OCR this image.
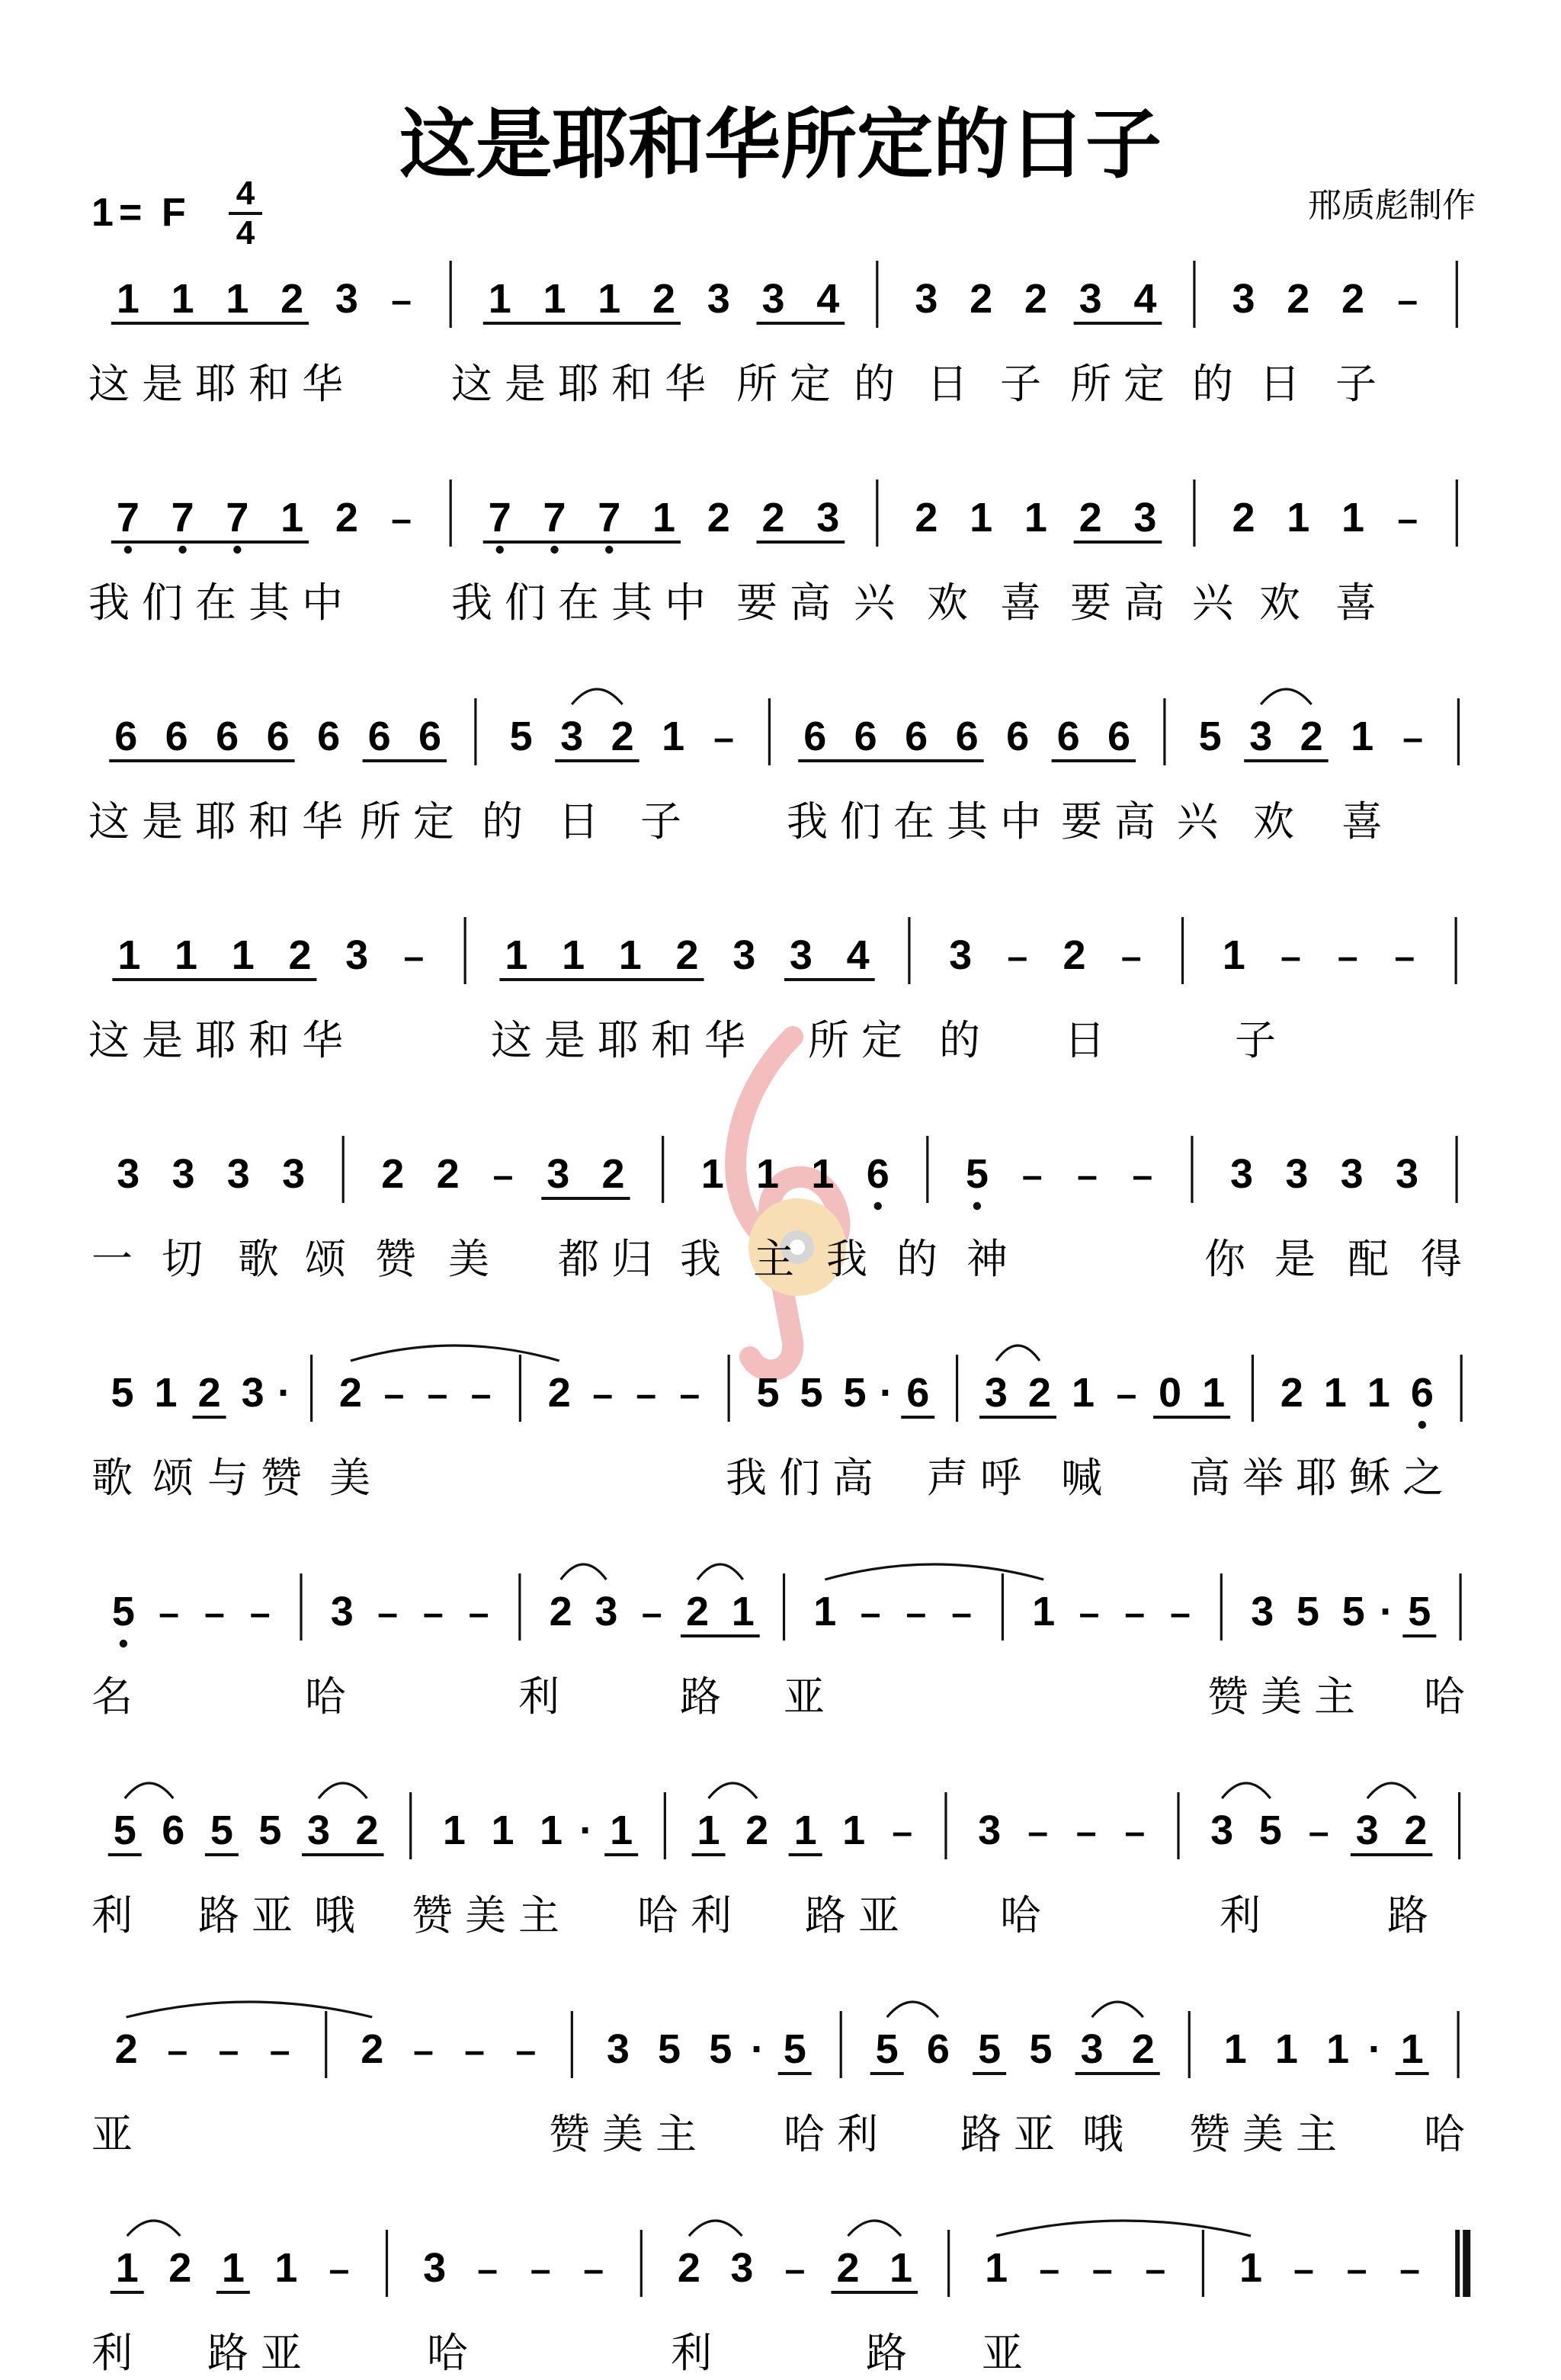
这是耶和华所定的日子
1 = F	4
4
邢质彪制作
1 1 1 2 3 –	1 1 1 2 3 3 4	3 2 2 3 4	3 2 2 –
这是耶和华	这是耶和华 所定 的 日 子 所定 的 日 子
7 7 7 1 2 –	7 7 7 1 2 2 3	2 1 1 2 3	2 1 1 –
我们在其中	我们在其中 要高 兴 欢 喜 要高 兴 欢 喜
6 6 6 6 6 6 6	5 3 2 1 –	6 6 6 6 6 6 6	5 3 2 1 –
这是耶和华 所定 的 日 子	我们在其中 要高 兴 欢 喜
1 1 1 2 3 –	1 1 1 2 3 3 4	3 – 2 –	1 – – –
这是耶和华	这是耶和华 所定 的	日	子
3 3 3 3	2 2 – 3 2	1 1 1 6	5 – – –	3 3 3 3
一 切 歌 颂 赞 美	都归 我 主 我 的 神	你 是 配 得
5 1 2 3 · 2 – – –	2 – – –	5 5 5 · 6	3 2 1 – 0 1	2 1 1 6
歌 颂 与赞 美	我们高 声呼 喊	高举耶稣之
5 – – –	3 – – –	2 3 – 2 1	1 – – –	1 – – –	3 5 5 · 5
名	哈	利	路 亚	赞美主	哈
5 6 5 5 3 2	1 1 1 · 1	1 2 1 1 –	3 – – –	3 5 – 3 2
利	路亚 哦 赞美主	哈利	路亚	哈	利	路
2 – – –	2 – – –	3 5 5 · 5	5 6 5 5 3 2	1 1 1 · 1
亚	赞美主	哈利	路亚 哦	赞美主	哈
1 2 1 1 –	3 – – –	2 3 – 2 1	1 – – –	1 – – –
利	路亚	哈	利	路	亚
